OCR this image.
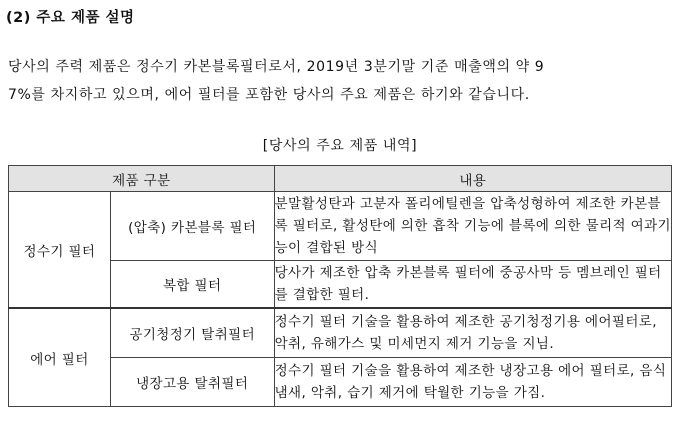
(2) 주요 제품 설명
당사의 주력 제품은 정수기 카본블록필터로서, 2019년 3분기말 기준 매출액의 약 9
7%를 차지하고 있으며, 에어 필터를 포함한 당사의 주요 제품은 하기와 같습니다.
[당사의 주요 제품 내역]
제품 구분		내용
정수기 필터	(압축) 카본블록 필터	분말활성탄과 고분자 폴리에틸렌을 압축성형하여 제조한 카본블록 필터로, 활성탄에 의한 흡착 기능에 블록에 의한 물리적 여과기능이 결합된 방식
	복합 필터	당사가 제조한 압축 카본블록 필터에 중공사막 등 멤브레인 필터를 결합한 필터.
에어 필터	공기청정기 탈취필터	정수기 필터 기술을 활용하여 제조한 공기청정기용 에어필터로, 악취, 유해가스 및 미세먼지 제거 기능을 지님.
	냉장고용 탈취필터	정수기 필터 기술을 활용하여 제조한 냉장고용 에어 필터로, 음식 냄새, 악취, 습기 제거에 탁월한 기능을 가짐.
